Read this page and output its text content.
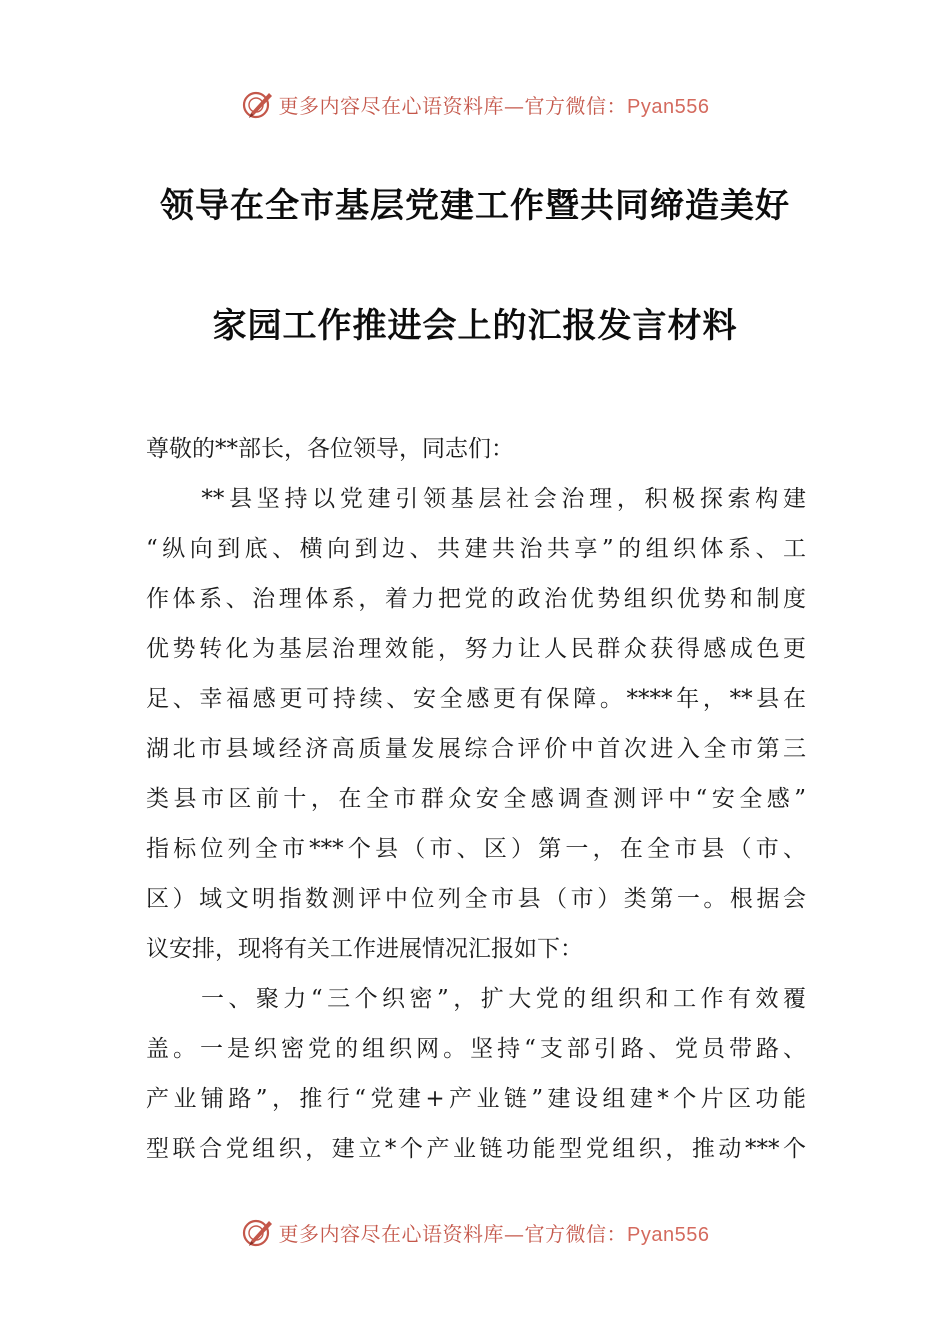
更多内容尽在心语资料库—官方微信：Pyan556
领导在全市基层党建工作暨共同缔造美好
家园工作推进会上的汇报发言材料
尊敬的**部长，各位领导，同志们：
　　**县坚持以党建引领基层社会治理，积极探索构建
“纵向到底、横向到边、共建共治共享”的组织体系、工
作体系、治理体系，着力把党的政治优势组织优势和制度
优势转化为基层治理效能，努力让人民群众获得感成色更
足、幸福感更可持续、安全感更有保障。****年，**县在
湖北市县域经济高质量发展综合评价中首次进入全市第三
类县市区前十，在全市群众安全感调查测评中“安全感”
指标位列全市***个县（市、区）第一，在全市县（市、
区）域文明指数测评中位列全市县（市）类第一。根据会
议安排，现将有关工作进展情况汇报如下：
　　一、聚力“三个织密”，扩大党的组织和工作有效覆
盖。一是织密党的组织网。坚持“支部引路、党员带路、
产业铺路”，推行“党建+产业链”建设组建*个片区功能
型联合党组织，建立*个产业链功能型党组织，推动***个
更多内容尽在心语资料库—官方微信：Pyan556
